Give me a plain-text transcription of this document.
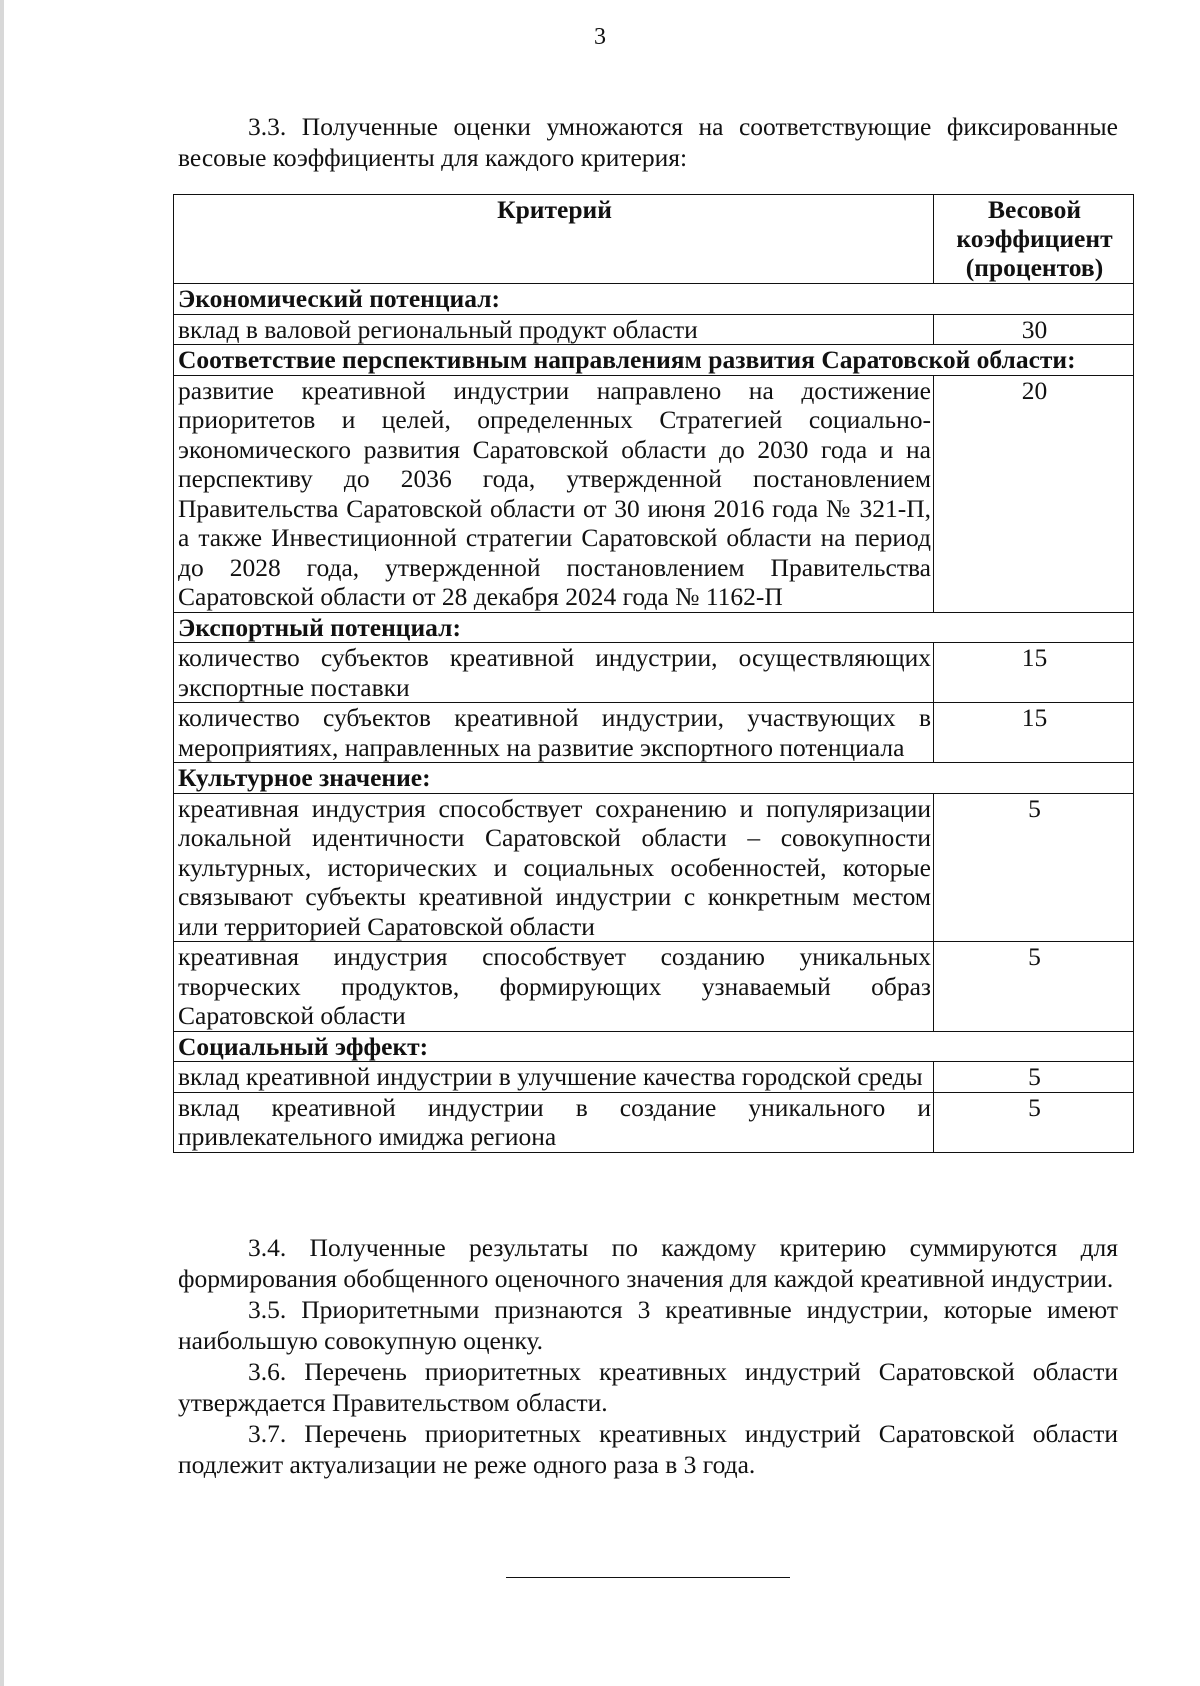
3

3.3. Полученные оценки умножаются на соответствующие фиксированные весовые коэффициенты для каждого критерия:

Критерий	Весовой коэффициент (процентов)
Экономический потенциал:	
вклад в валовой региональный продукт области	30
Соответствие перспективным направлениям развития Саратовской области:	
развитие креативной индустрии направлено на достижение приоритетов и целей, определенных Стратегией социально-экономического развития Саратовской области до 2030 года и на перспективу до 2036 года, утвержденной постановлением Правительства Саратовской области от 30 июня 2016 года № 321-П, а также Инвестиционной стратегии Саратовской области на период до 2028 года, утвержденной постановлением Правительства Саратовской области от 28 декабря 2024 года № 1162-П	20
Экспортный потенциал:	
количество субъектов креативной индустрии, осуществляющих экспортные поставки	15
количество субъектов креативной индустрии, участвующих в мероприятиях, направленных на развитие экспортного потенциала	15
Культурное значение:	
креативная индустрия способствует сохранению и популяризации локальной идентичности Саратовской области – совокупности культурных, исторических и социальных особенностей, которые связывают субъекты креативной индустрии с конкретным местом или территорией Саратовской области	5
креативная индустрия способствует созданию уникальных творческих продуктов, формирующих узнаваемый образ Саратовской области	5
Социальный эффект:	
вклад креативной индустрии в улучшение качества городской среды	5
вклад креативной индустрии в создание уникального и привлекательного имиджа региона	5

3.4. Полученные результаты по каждому критерию суммируются для формирования обобщенного оценочного значения для каждой креативной индустрии.

3.5. Приоритетными признаются 3 креативные индустрии, которые имеют наибольшую совокупную оценку.

3.6. Перечень приоритетных креативных индустрий Саратовской области утверждается Правительством области.

3.7. Перечень приоритетных креативных индустрий Саратовской области подлежит актуализации не реже одного раза в 3 года.
